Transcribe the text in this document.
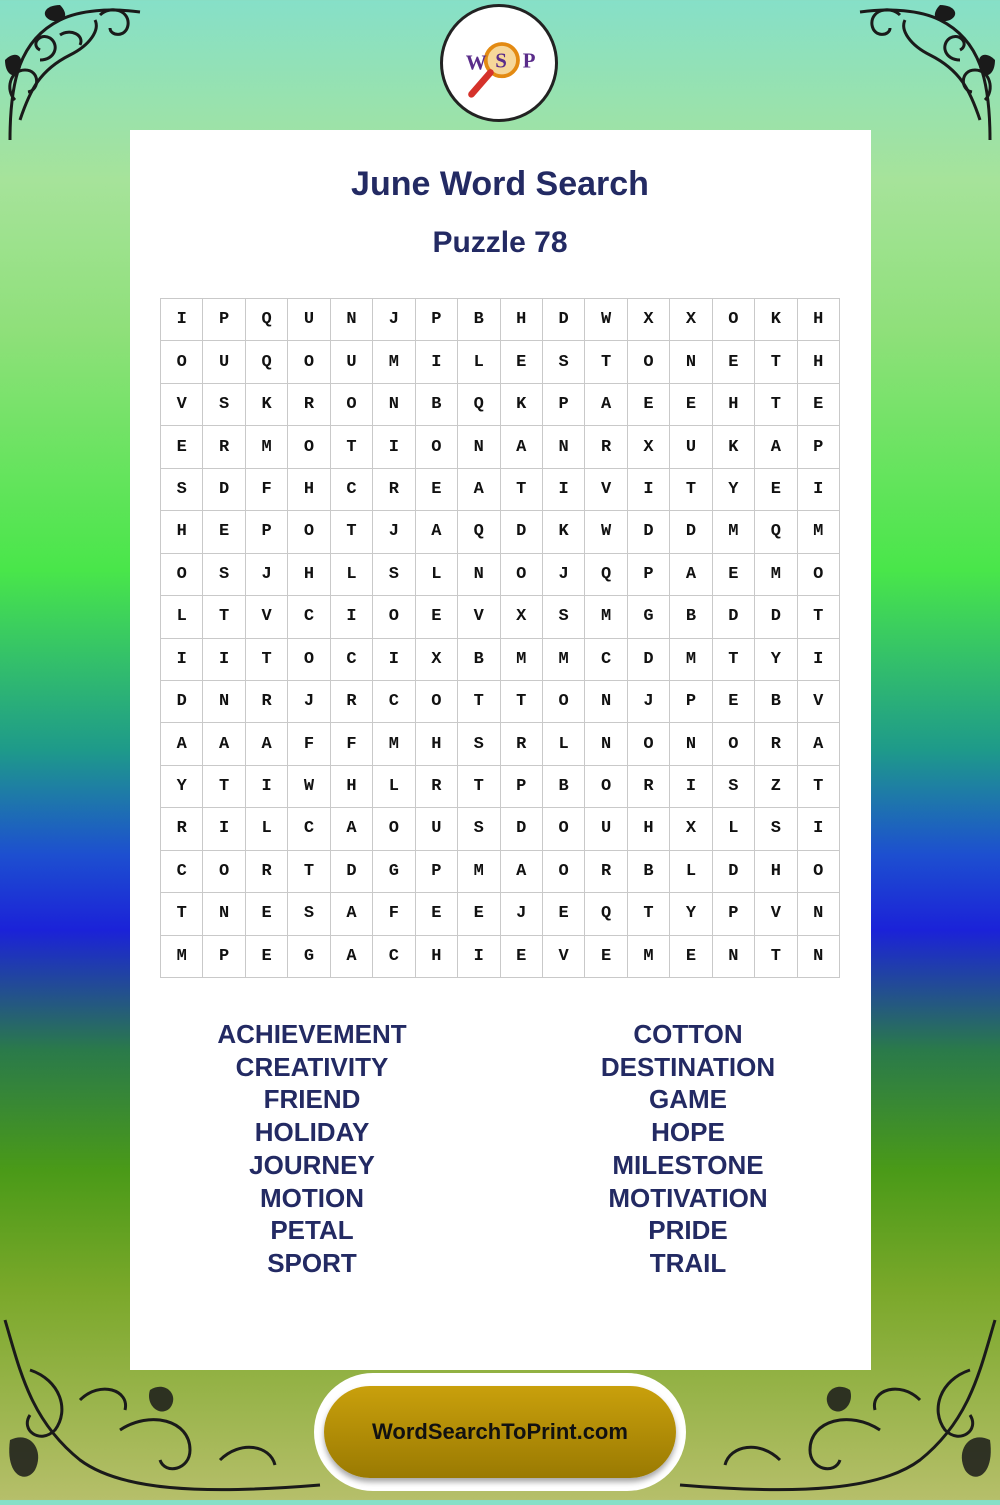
W S P
June Word Search
Puzzle 78
I	P	Q	U	N	J	P	B	H	D	W	X	X	O	K	H
O	U	Q	O	U	M	I	L	E	S	T	O	N	E	T	H
V	S	K	R	O	N	B	Q	K	P	A	E	E	H	T	E
E	R	M	O	T	I	O	N	A	N	R	X	U	K	A	P
S	D	F	H	C	R	E	A	T	I	V	I	T	Y	E	I
H	E	P	O	T	J	A	Q	D	K	W	D	D	M	Q	M
O	S	J	H	L	S	L	N	O	J	Q	P	A	E	M	O
L	T	V	C	I	O	E	V	X	S	M	G	B	D	D	T
I	I	T	O	C	I	X	B	M	M	C	D	M	T	Y	I
D	N	R	J	R	C	O	T	T	O	N	J	P	E	B	V
A	A	A	F	F	M	H	S	R	L	N	O	N	O	R	A
Y	T	I	W	H	L	R	T	P	B	O	R	I	S	Z	T
R	I	L	C	A	O	U	S	D	O	U	H	X	L	S	I
C	O	R	T	D	G	P	M	A	O	R	B	L	D	H	O
T	N	E	S	A	F	E	E	J	E	Q	T	Y	P	V	N
M	P	E	G	A	C	H	I	E	V	E	M	E	N	T	N
ACHIEVEMENT
CREATIVITY
FRIEND
HOLIDAY
JOURNEY
MOTION
PETAL
SPORT
COTTON
DESTINATION
GAME
HOPE
MILESTONE
MOTIVATION
PRIDE
TRAIL
WordSearchToPrint.com
